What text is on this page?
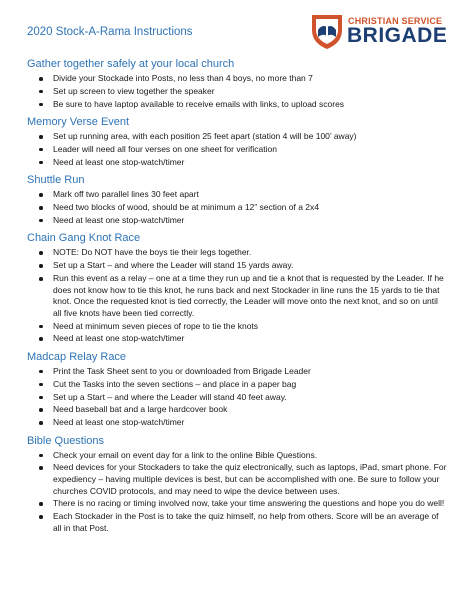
2020 Stock-A-Rama Instructions
CHRISTIAN SERVICE
BRIGADE
Gather together safely at your local church
Divide your Stockade into Posts, no less than 4 boys, no more than 7
Set up screen to view together the speaker
Be sure to have laptop available to receive emails with links, to upload scores
Memory Verse Event
Set up running area, with each position 25 feet apart (station 4 will be 100’ away)
Leader will need all four verses on one sheet for verification
Need at least one stop-watch/timer
Shuttle Run
Mark off two parallel lines 30 feet apart
Need two blocks of wood, should be at minimum a 12” section of a 2x4
Need at least one stop-watch/timer
Chain Gang Knot Race
NOTE: Do NOT have the boys tie their legs together.
Set up a Start – and where the Leader will stand 15 yards away.
Run this event as a relay – one at a time they run up and tie a knot that is requested by the Leader. If he does not know how to tie this knot, he runs back and next Stockader in line runs the 15 yards to tie that knot. Once the requested knot is tied correctly, the Leader will move onto the next knot, and so on until all five knots have been tied correctly.
Need at minimum seven pieces of rope to tie the knots
Need at least one stop-watch/timer
Madcap Relay Race
Print the Task Sheet sent to you or downloaded from Brigade Leader
Cut the Tasks into the seven sections – and place in a paper bag
Set up a Start – and where the Leader will stand 40 feet away.
Need baseball bat and a large hardcover book
Need at least one stop-watch/timer
Bible Questions
Check your email on event day for a link to the online Bible Questions.
Need devices for your Stockaders to take the quiz electronically, such as laptops, iPad, smart phone. For expediency – having multiple devices is best, but can be accomplished with one. Be sure to follow your churches COVID protocols, and may need to wipe the device between uses.
There is no racing or timing involved now, take your time answering the questions and hope you do well!
Each Stockader in the Post is to take the quiz himself, no help from others. Score will be an average of all in that Post.
